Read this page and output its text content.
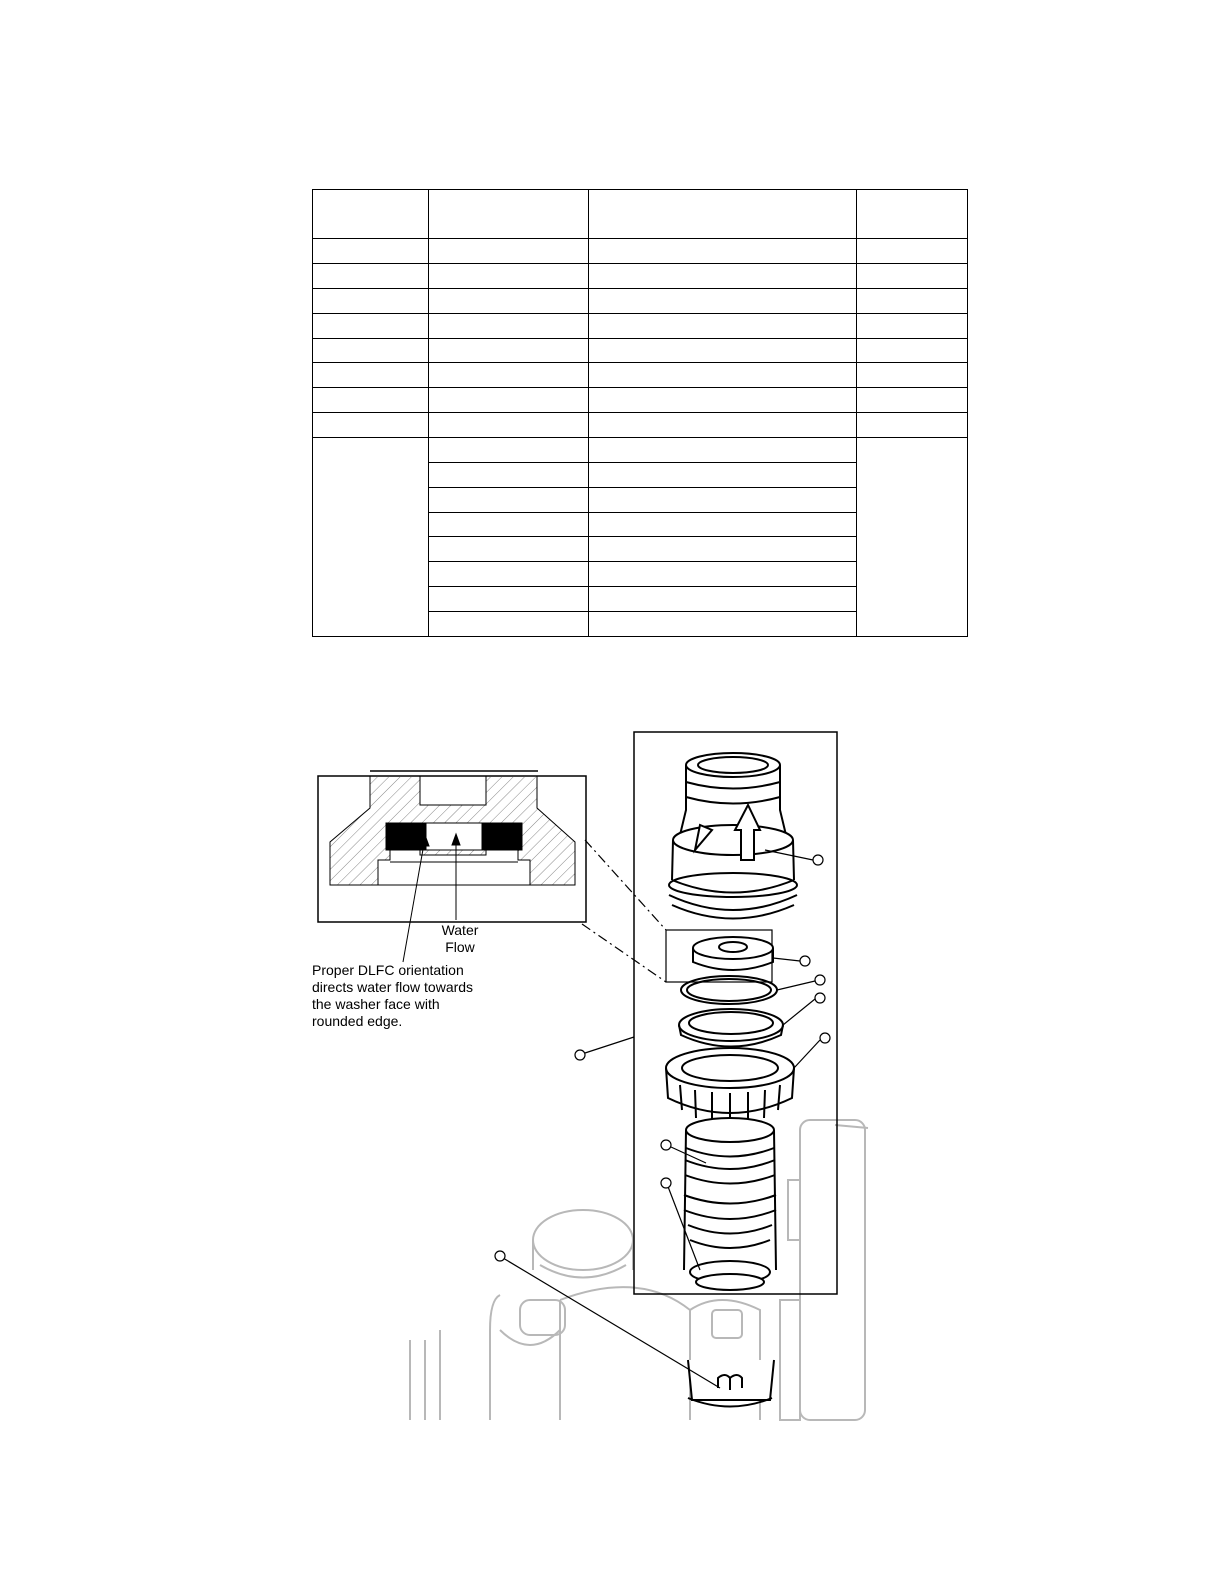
Water
Flow
Proper DLFC orientation
directs water flow towards
the washer face with
rounded edge.
